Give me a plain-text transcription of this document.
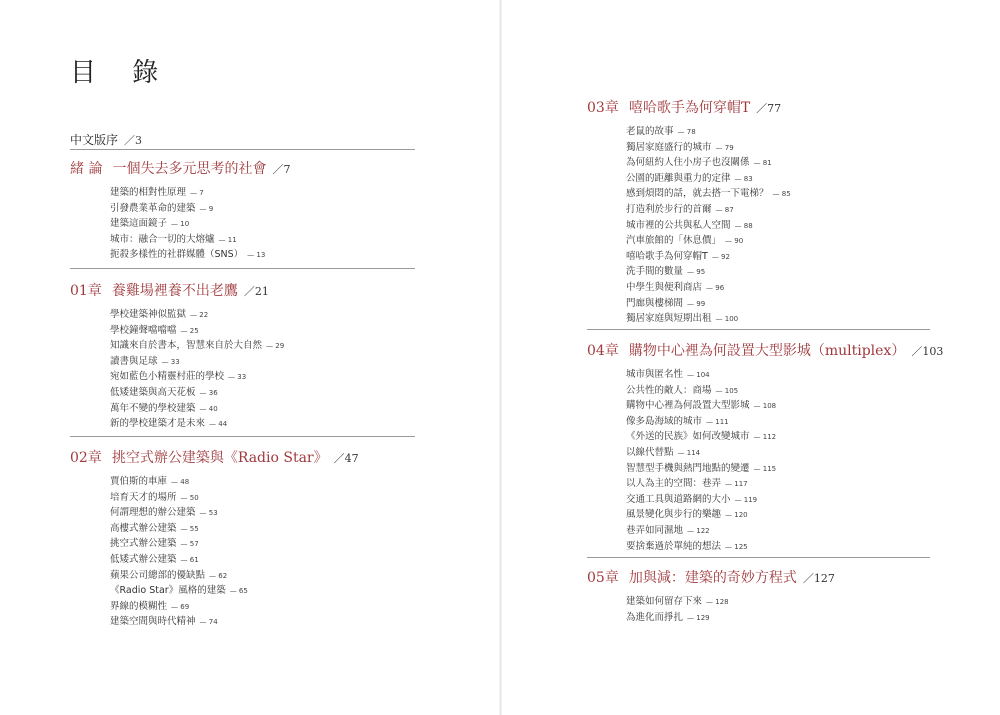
目 錄
中文版序 ／3
緒 論 一個失去多元思考的社會 ／7
建築的相對性原理 — 7
引發農業革命的建築 — 9
建築這面鏡子 — 10
城市：融合一切的大熔爐 — 11
扼殺多樣性的社群媒體（SNS） — 13
01章 養雞場裡養不出老鷹 ／21
學校建築神似監獄 — 22
學校鐘聲噹噹噹 — 25
知識來自於書本，智慧來自於大自然 — 29
讀書與足球 — 33
宛如藍色小精靈村莊的學校 — 33
低矮建築與高天花板 — 36
萬年不變的學校建築 — 40
新的學校建築才是未來 — 44
02章 挑空式辦公建築與《Radio Star》 ／47
賈伯斯的車庫 — 48
培育天才的場所 — 50
何謂理想的辦公建築 — 53
高樓式辦公建築 — 55
挑空式辦公建築 — 57
低矮式辦公建築 — 61
蘋果公司總部的優缺點 — 62
《Radio Star》風格的建築 — 65
界線的模糊性 — 69
建築空間與時代精神 — 74
03章 嘻哈歌手為何穿帽T ／77
老鼠的故事 — 78
獨居家庭盛行的城市 — 79
為何紐約人住小房子也沒關係 — 81
公園的距離與重力的定律 — 83
感到煩悶的話，就去搭一下電梯？ — 85
打造利於步行的首爾 — 87
城市裡的公共與私人空間 — 88
汽車旅館的「休息價」 — 90
嘻哈歌手為何穿帽T — 92
洗手間的數量 — 95
中學生與便利商店 — 96
門廊與樓梯間 — 99
獨居家庭與短期出租 — 100
04章 購物中心裡為何設置大型影城（multiplex） ／103
城市與匿名性 — 104
公共性的敵人：商場 — 105
購物中心裡為何設置大型影城 — 108
像多島海域的城市 — 111
《外送的民族》如何改變城市 — 112
以線代替點 — 114
智慧型手機與熱門地點的變遷 — 115
以人為主的空間：巷弄 — 117
交通工具與道路網的大小 — 119
風景變化與步行的樂趣 — 120
巷弄如同濕地 — 122
要捨棄過於單純的想法 — 125
05章 加與減：建築的奇妙方程式 ／127
建築如何留存下來 — 128
為進化而掙扎 — 129
